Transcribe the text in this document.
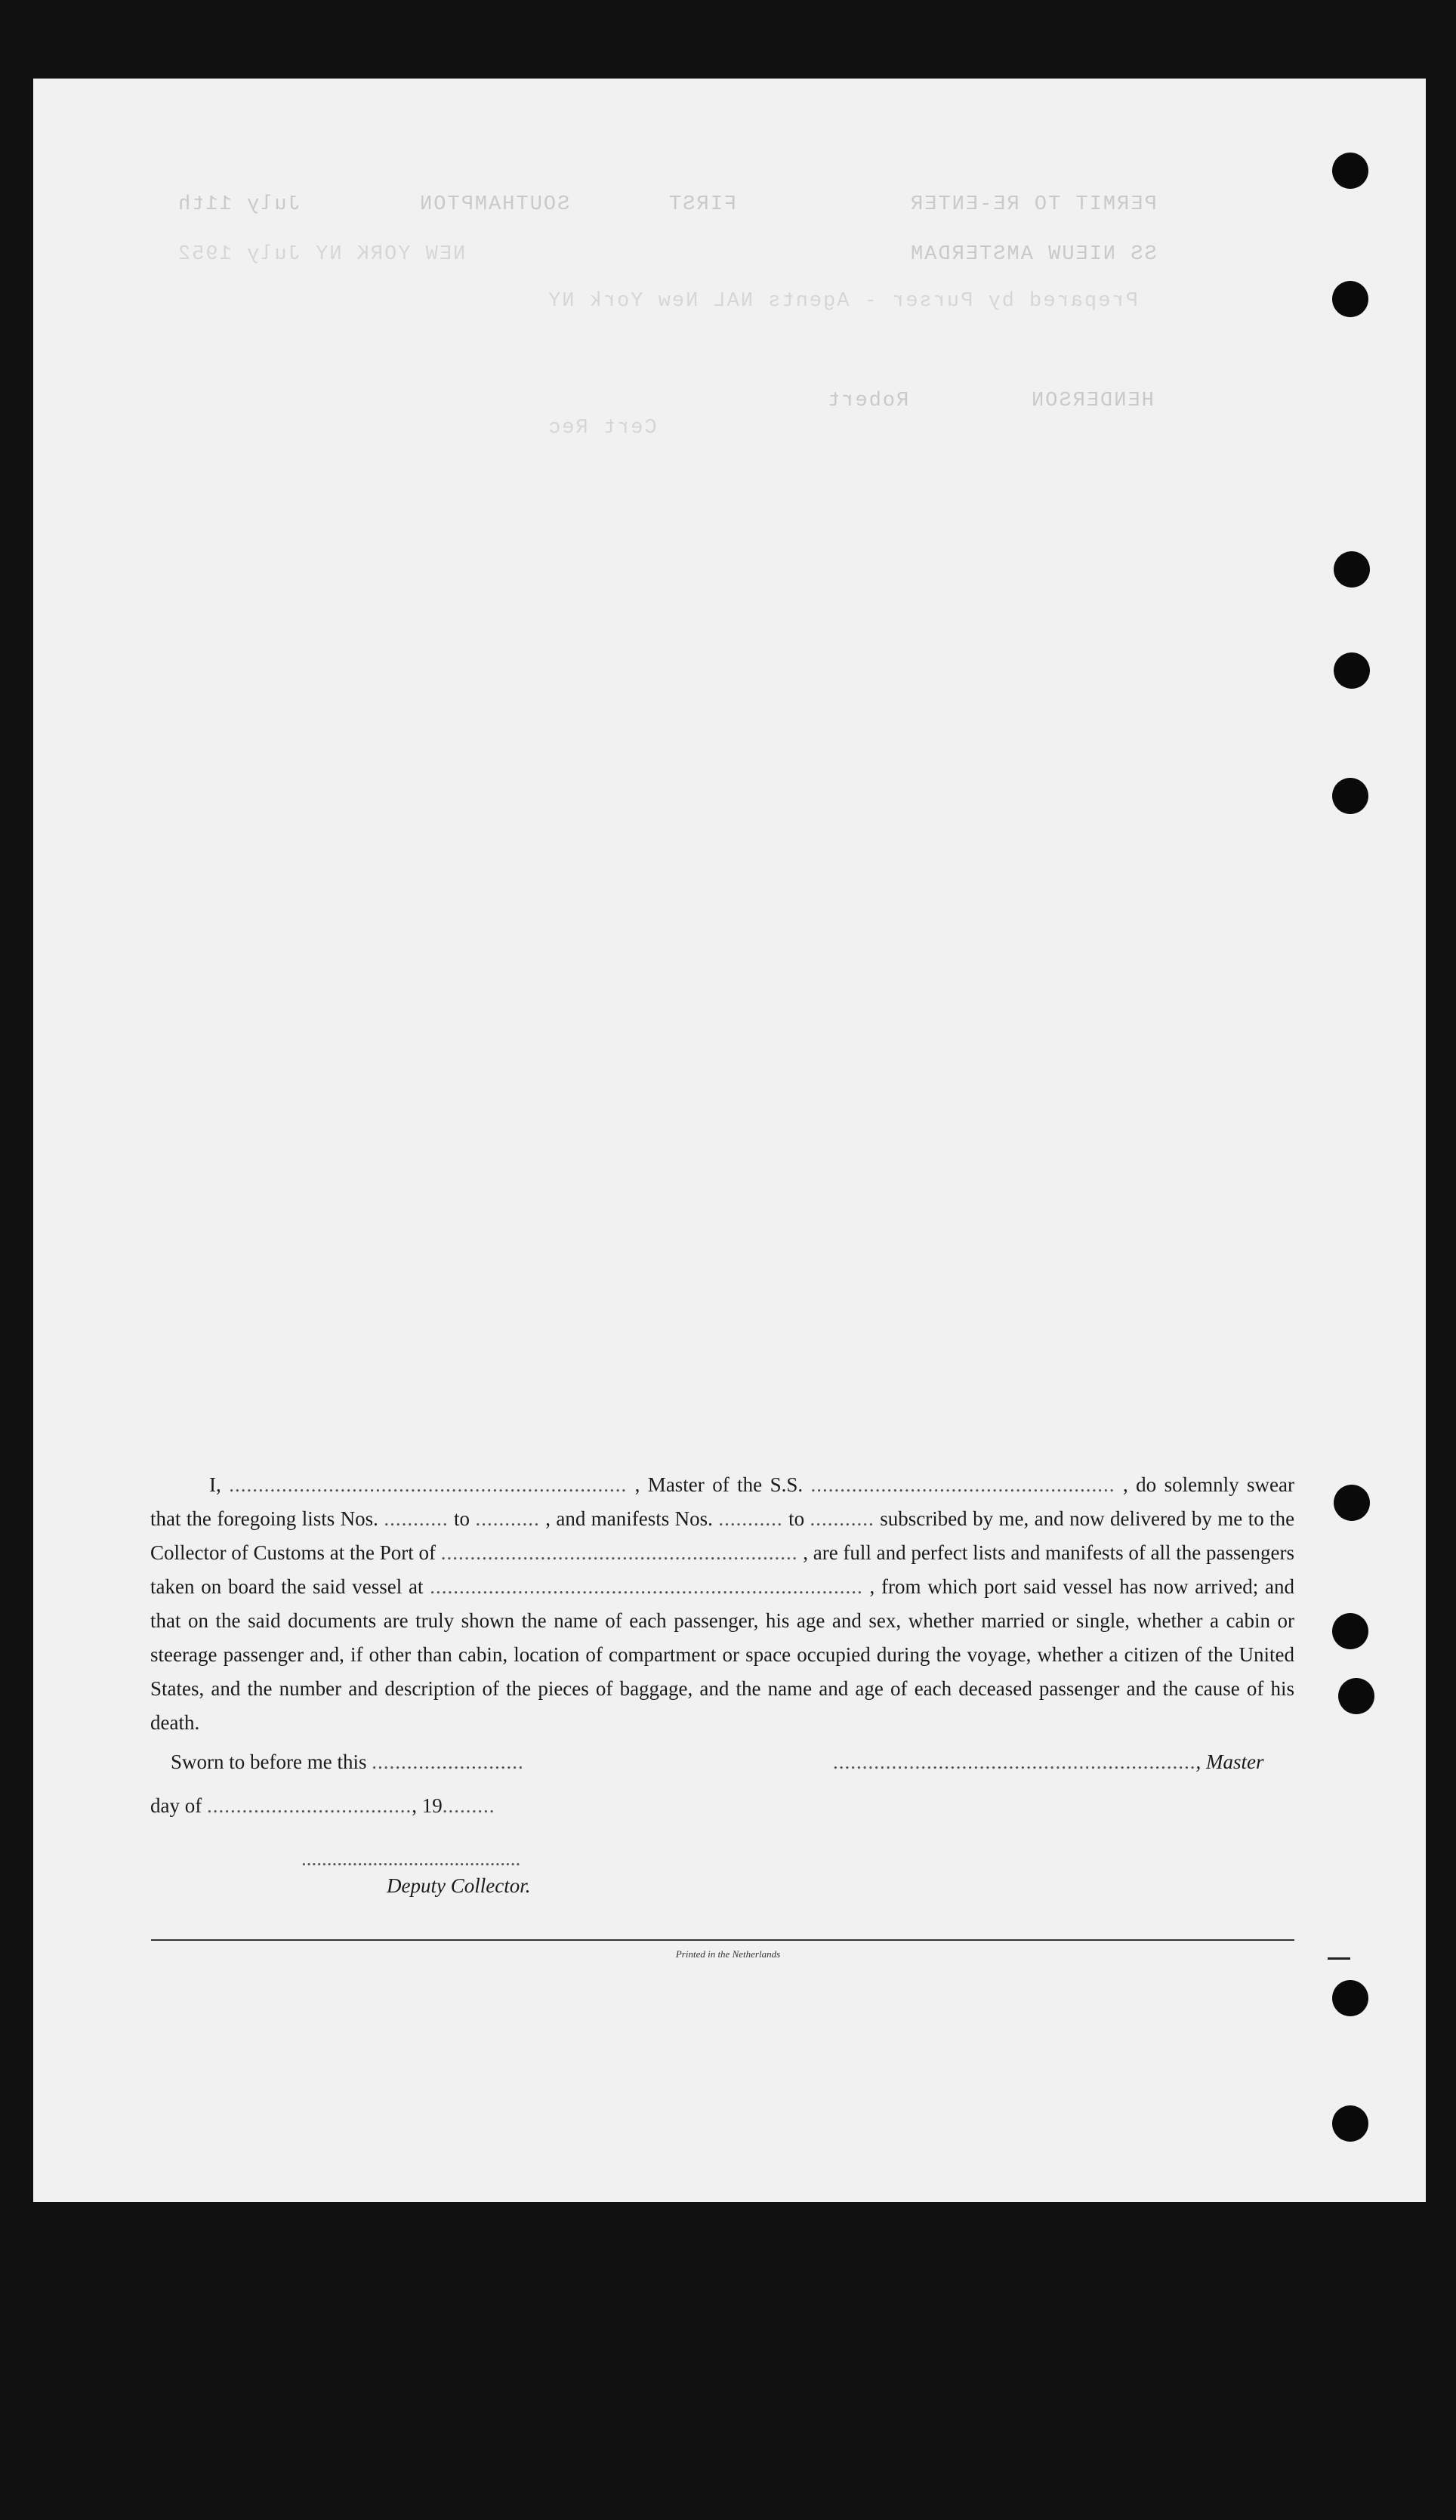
PERMIT TO RE-ENTER
FIRST
SOUTHAMPTON
July 11th
SS NIEUW AMSTERDAM
NEW YORK NY July 1952
Prepared by Purser - Agents NAL New York NY
HENDERSON
Robert
Cert Rec

I, .................................................................... , Master of the S.S. .................................................... , do solemnly swear that the foregoing lists Nos. ........... to ........... , and manifests Nos. ........... to ........... subscribed by me, and now delivered by me to the Collector of Customs at the Port of ............................................................. , are full and perfect lists and manifests of all the passengers taken on board the said vessel at .......................................................................... , from which port said vessel has now arrived; and that on the said documents are truly shown the name of each passenger, his age and sex, whether married or single, whether a cabin or steerage passenger and, if other than cabin, location of compartment or space occupied during the voyage, whether a citizen of the United States, and the number and description of the pieces of baggage, and the name and age of each deceased passenger and the cause of his death.

Sworn to before me this ..........................	.............................................................., Master
day of ..................................., 19.........
...........................................
Deputy Collector.
Printed in the Netherlands
